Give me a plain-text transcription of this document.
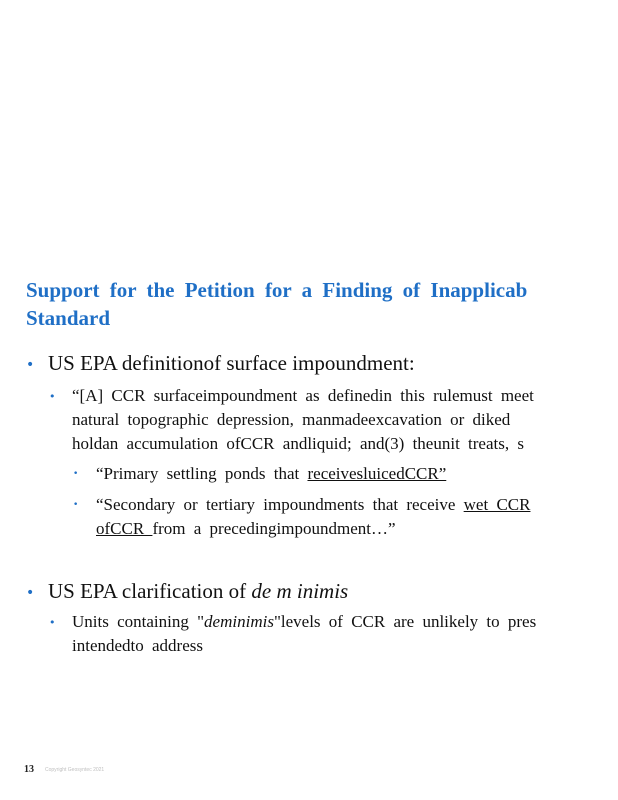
Support for the Petition for a Finding of Inapplicab
Standard
• US EPA definitionof surface impoundment:
• “[A] CCR surfaceimpoundment as definedin this rulemust meet
natural topographic depression, manmadeexcavation or diked
holdan accumulation ofCCR andliquid; and(3) theunit treats, s
• “Primary settling ponds that receivesluicedCCR”
• “Secondary or tertiary impoundments that receive wet CCR
ofCCR from a precedingimpoundment…”
• US EPA clarification of de m inimis
• Units containing "deminimis"levels of CCR are unlikely to pres
intendedto address
13 Copyright Geosyntec 2021
